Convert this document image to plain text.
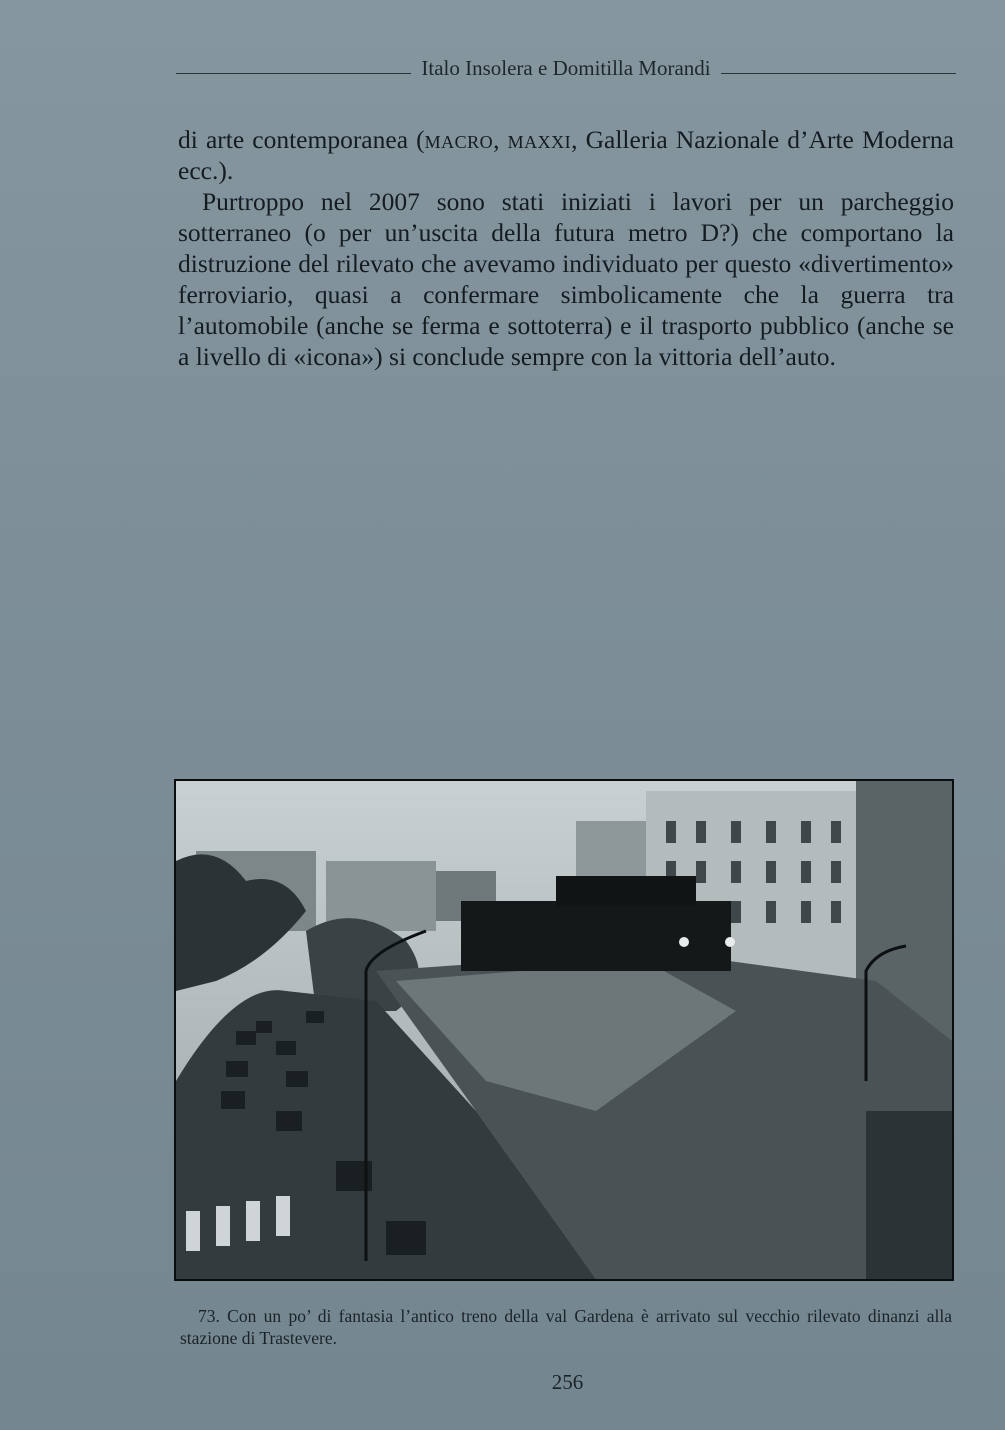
Italo Insolera e Domitilla Morandi

di arte contemporanea (macro, maxxi, Galleria Nazionale d’Arte Moderna ecc.).

Purtroppo nel 2007 sono stati iniziati i lavori per un parcheggio sotterraneo (o per un’uscita della futura metro D?) che comportano la distruzione del rilevato che avevamo individuato per questo «divertimento» ferroviario, quasi a confermare simbolicamente che la guerra tra l’automobile (anche se ferma e sottoterra) e il trasporto pubblico (anche se a livello di «icona») si conclude sempre con la vittoria dell’auto.

73. Con un po’ di fantasia l’antico treno della val Gardena è arrivato sul vecchio rilevato dinanzi alla stazione di Trastevere.
256
